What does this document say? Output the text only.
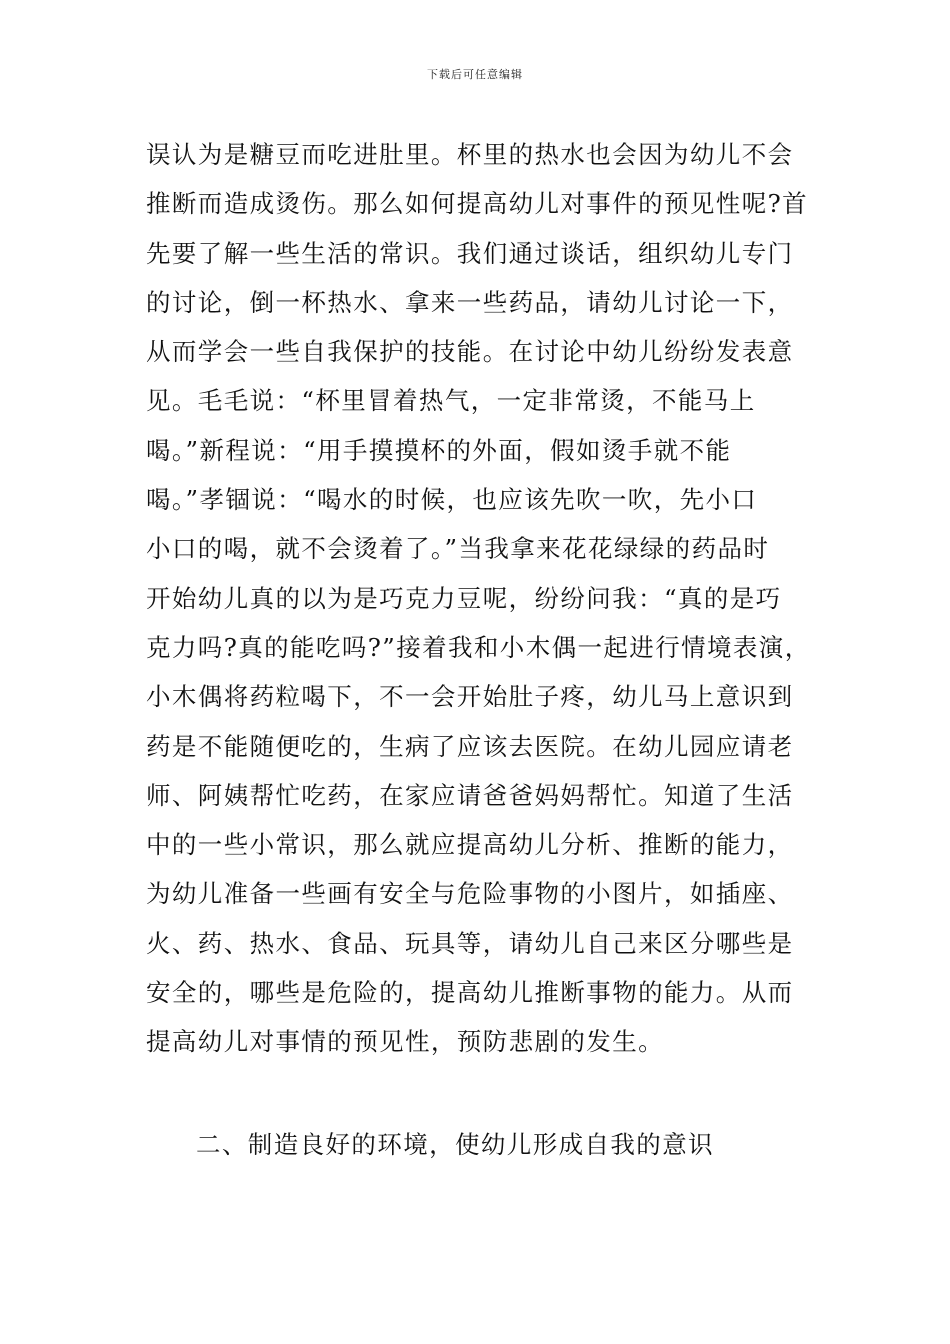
下载后可任意编辑
误认为是糖豆而吃进肚里。杯里的热水也会因为幼儿不会
推断而造成烫伤。那么如何提高幼儿对事件的预见性呢?首
先要了解一些生活的常识。我们通过谈话，组织幼儿专门
的讨论，倒一杯热水、拿来一些药品，请幼儿讨论一下，
从而学会一些自我保护的技能。在讨论中幼儿纷纷发表意
见。毛毛说：“杯里冒着热气，一定非常烫，不能马上
喝。”新程说：“用手摸摸杯的外面，假如烫手就不能
喝。”孝锢说：“喝水的时候，也应该先吹一吹，先小口
小口的喝，就不会烫着了。”当我拿来花花绿绿的药品时
开始幼儿真的以为是巧克力豆呢，纷纷问我：“真的是巧
克力吗?真的能吃吗?”接着我和小木偶一起进行情境表演，
小木偶将药粒喝下，不一会开始肚子疼，幼儿马上意识到
药是不能随便吃的，生病了应该去医院。在幼儿园应请老
师、阿姨帮忙吃药，在家应请爸爸妈妈帮忙。知道了生活
中的一些小常识，那么就应提高幼儿分析、推断的能力，
为幼儿准备一些画有安全与危险事物的小图片，如插座、
火、药、热水、食品、玩具等，请幼儿自己来区分哪些是
安全的，哪些是危险的，提高幼儿推断事物的能力。从而
提高幼儿对事情的预见性，预防悲剧的发生。
二、制造良好的环境，使幼儿形成自我的意识
